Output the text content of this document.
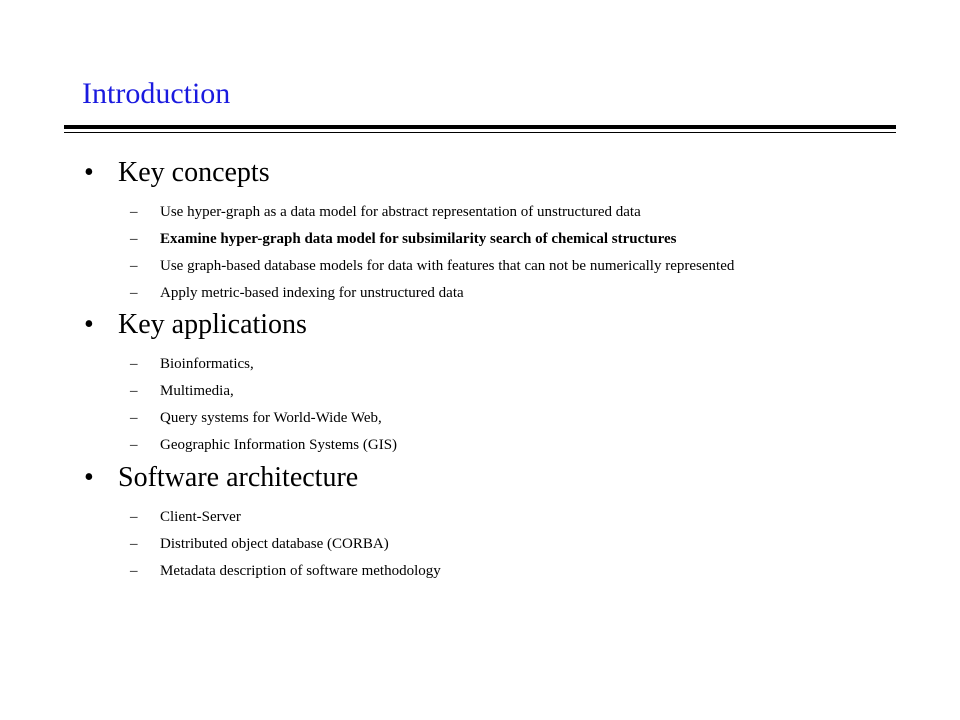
Introduction
• Key concepts
– Use hyper-graph as a data model for abstract representation of unstructured data
– Examine hyper-graph data model for subsimilarity search of chemical structures
– Use graph-based database models for data with features that can not be numerically represented
– Apply metric-based indexing for unstructured data
• Key applications
– Bioinformatics,
– Multimedia,
– Query systems for World-Wide Web,
– Geographic Information Systems (GIS)
• Software architecture
– Client-Server
– Distributed object database (CORBA)
– Metadata description of software methodology
